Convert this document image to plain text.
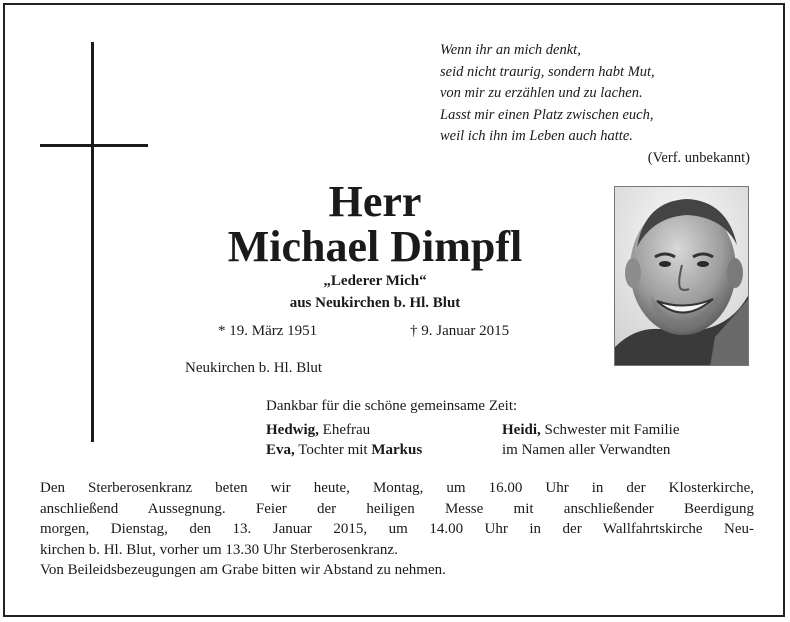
Wenn ihr an mich denkt,
seid nicht traurig, sondern habt Mut,
von mir zu erzählen und zu lachen.
Lasst mir einen Platz zwischen euch,
weil ich ihn im Leben auch hatte.
(Verf. unbekannt)
Herr
Michael Dimpfl
„Lederer Mich“
aus Neukirchen b. Hl. Blut
* 19. März 1951	† 9. Januar 2015
Neukirchen b. Hl. Blut
Dankbar für die schöne gemeinsame Zeit:
Hedwig, Ehefrau	Heidi, Schwester mit Familie
Eva, Tochter mit Markus	im Namen aller Verwandten
Den Sterberosenkranz beten wir heute, Montag, um 16.00 Uhr in der Klosterkirche,
anschließend Aussegnung. Feier der heiligen Messe mit anschließender Beerdigung
morgen, Dienstag, den 13. Januar 2015, um 14.00 Uhr in der Wallfahrtskirche Neu-
kirchen b. Hl. Blut, vorher um 13.30 Uhr Sterberosenkranz.
Von Beileidsbezeugungen am Grabe bitten wir Abstand zu nehmen.
